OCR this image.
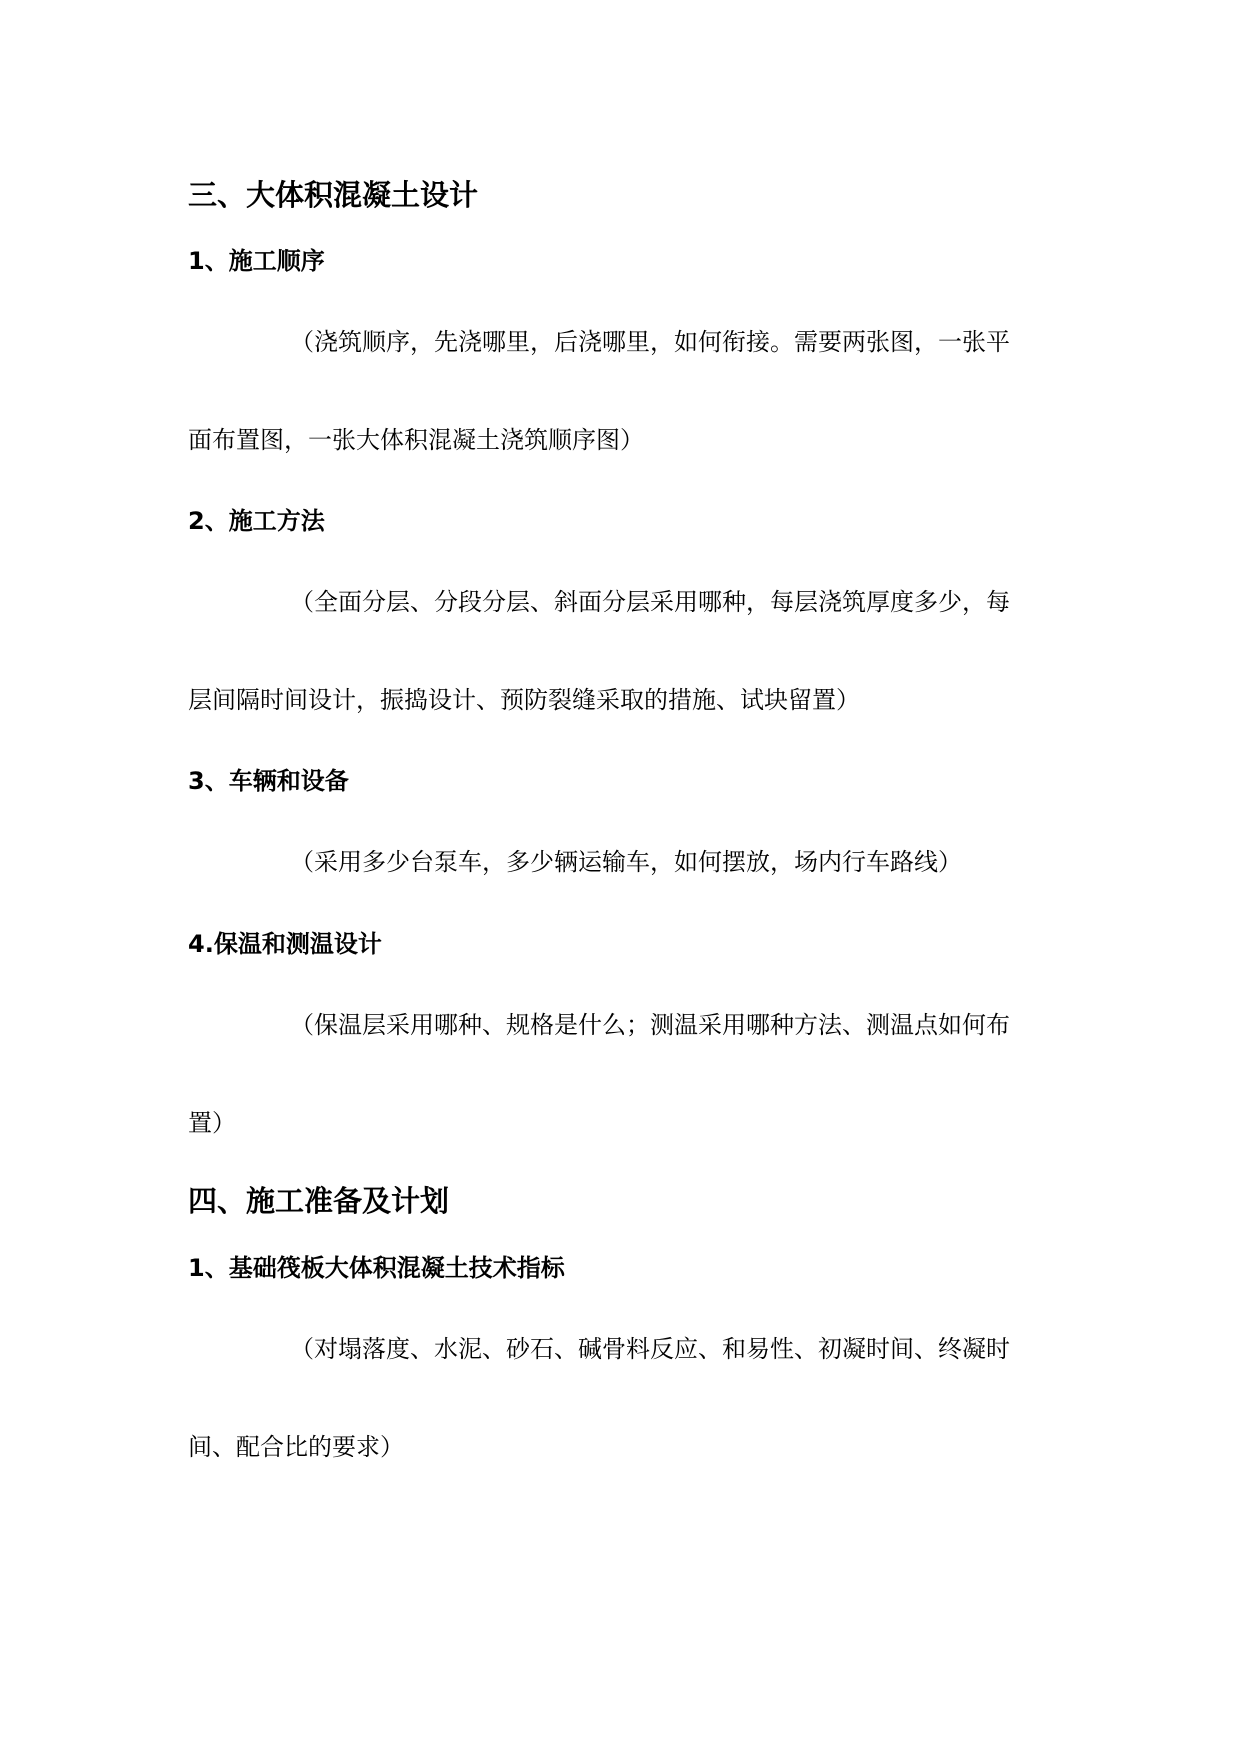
三、大体积混凝土设计
1、施工顺序
（浇筑顺序，先浇哪里，后浇哪里，如何衔接。需要两张图，一张平
面布置图，一张大体积混凝土浇筑顺序图）
2、施工方法
（全面分层、分段分层、斜面分层采用哪种，每层浇筑厚度多少，每
层间隔时间设计，振捣设计、预防裂缝采取的措施、试块留置）
3、车辆和设备
（采用多少台泵车，多少辆运输车，如何摆放，场内行车路线）
4.保温和测温设计
（保温层采用哪种、规格是什么；测温采用哪种方法、测温点如何布
置）
四、施工准备及计划
1、基础筏板大体积混凝土技术指标
（对塌落度、水泥、砂石、碱骨料反应、和易性、初凝时间、终凝时
间、配合比的要求）
